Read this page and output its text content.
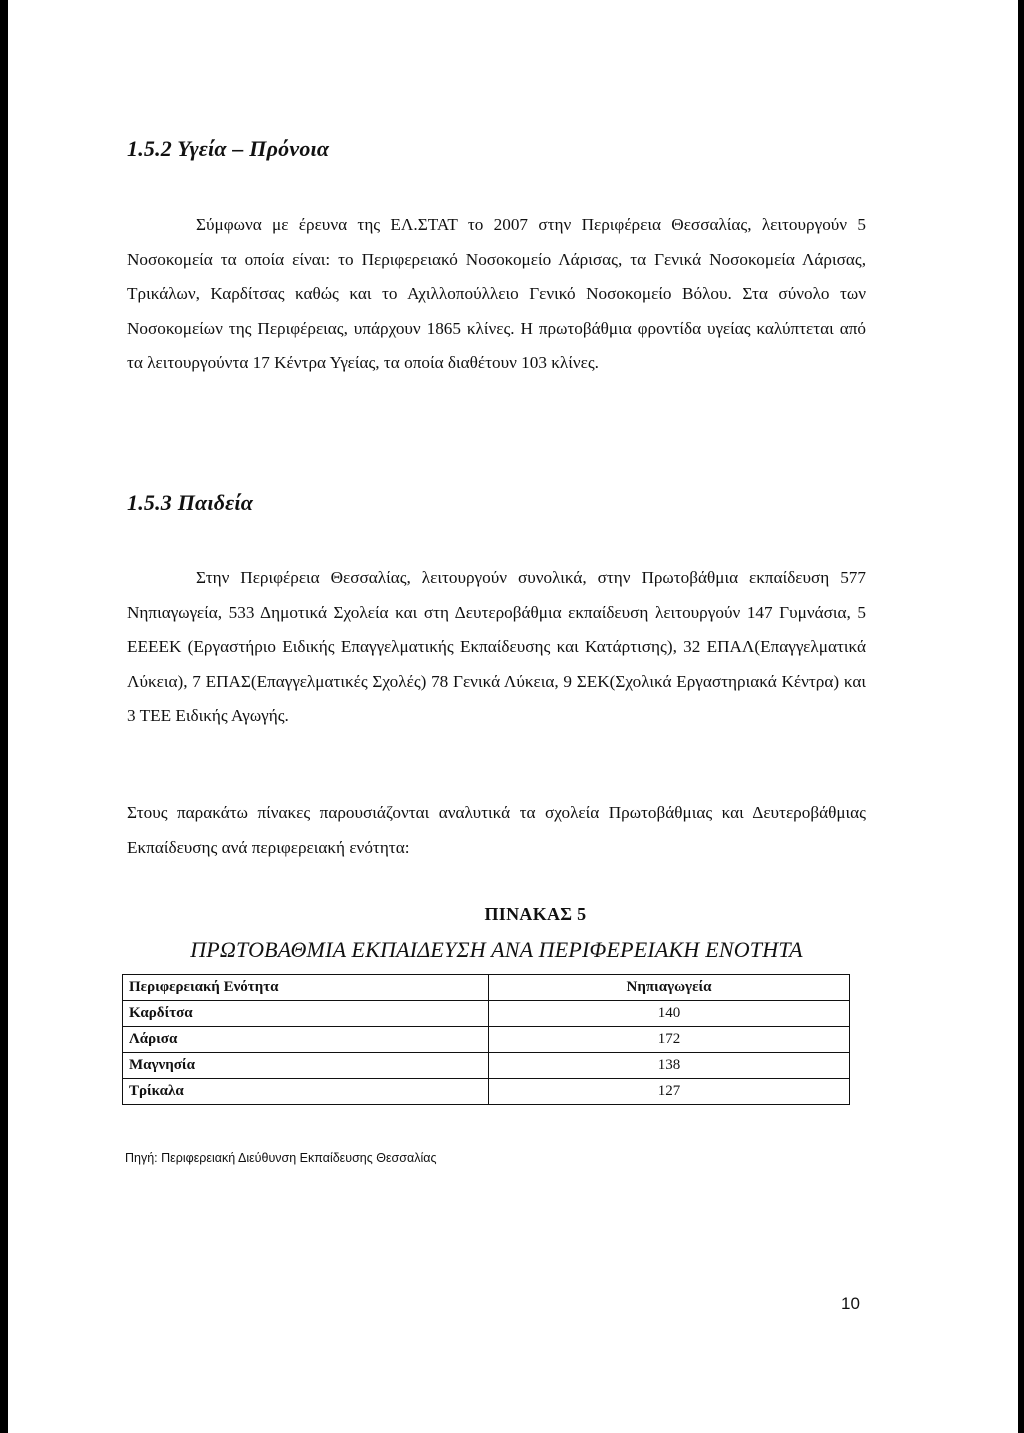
1.5.2 Υγεία – Πρόνοια

Σύμφωνα με έρευνα της ΕΛ.ΣΤΑΤ το 2007 στην Περιφέρεια Θεσσαλίας, λειτουργούν 5 Νοσοκομεία τα οποία είναι: το Περιφερειακό Νοσοκομείο Λάρισας, τα Γενικά Νοσοκομεία Λάρισας, Τρικάλων, Καρδίτσας καθώς και το Αχιλλοπούλλειο Γενικό Νοσοκομείο Βόλου. Στα σύνολο των Νοσοκομείων της Περιφέρειας, υπάρχουν 1865 κλίνες. Η πρωτοβάθμια φροντίδα υγείας καλύπτεται από τα λειτουργούντα 17 Κέντρα Υγείας, τα οποία διαθέτουν 103 κλίνες.

1.5.3 Παιδεία

Στην Περιφέρεια Θεσσαλίας, λειτουργούν συνολικά, στην Πρωτοβάθμια εκπαίδευση 577 Νηπιαγωγεία, 533 Δημοτικά Σχολεία και στη Δευτεροβάθμια εκπαίδευση λειτουργούν 147 Γυμνάσια, 5 ΕΕΕΕΚ (Εργαστήριο Ειδικής Επαγγελματικής Εκπαίδευσης και Κατάρτισης), 32 ΕΠΑΛ(Επαγγελματικά Λύκεια), 7 ΕΠΑΣ(Επαγγελματικές Σχολές) 78 Γενικά Λύκεια, 9 ΣΕΚ(Σχολικά Εργαστηριακά Κέντρα) και 3 ΤΕΕ Ειδικής Αγωγής.

Στους παρακάτω πίνακες παρουσιάζονται αναλυτικά τα σχολεία Πρωτοβάθμιας και Δευτεροβάθμιας Εκπαίδευσης ανά περιφερειακή ενότητα:

ΠΙΝΑΚΑΣ 5

ΠΡΩΤΟΒΑΘΜΙΑ ΕΚΠΑΙΔΕΥΣΗ ΑΝΑ ΠΕΡΙΦΕΡΕΙΑΚΗ ΕΝΟΤΗΤΑ

Περιφερειακή Ενότητα	Νηπιαγωγεία
Καρδίτσα	140
Λάρισα	172
Μαγνησία	138
Τρίκαλα	127

Πηγή: Περιφερειακή Διεύθυνση Εκπαίδευσης Θεσσαλίας

10
